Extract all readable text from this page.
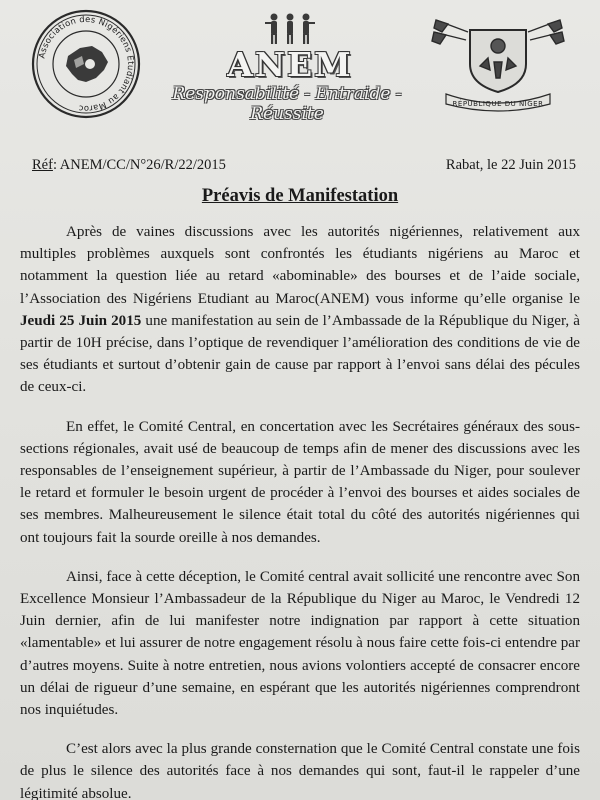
Association des Nigériens Etudiant au Maroc
ANEM
Responsabilité - Entraide - Réussite	RÉPUBLIQUE DU NIGER
Réf: ANEM/CC/N°26/R/22/2015	Rabat, le 22 Juin 2015
Préavis de Manifestation

Après de vaines discussions avec les autorités nigériennes, relativement aux multiples problèmes auxquels sont confrontés les étudiants nigériens au Maroc et notamment la question liée au retard «abominable» des bourses et de l’aide sociale, l’Association des Nigériens Etudiant au Maroc(ANEM) vous informe qu’elle organise le Jeudi 25 Juin 2015 une manifestation au sein de l’Ambassade de la République du Niger, à partir de 10H précise, dans l’optique de revendiquer l’amélioration des conditions de vie de ses étudiants et surtout d’obtenir gain de cause par rapport à l’envoi sans délai des pécules de ceux-ci.

En effet, le Comité Central, en concertation avec les Secrétaires généraux des sous-sections régionales, avait usé de beaucoup de temps afin de mener des discussions avec les responsables de l’enseignement supérieur, à partir de l’Ambassade du Niger, pour soulever le retard et formuler le besoin urgent de procéder à l’envoi des bourses et aides sociales de ses membres. Malheureusement le silence était total du côté des autorités nigériennes qui ont toujours fait la sourde oreille à nos demandes.

Ainsi, face à cette déception, le Comité central avait sollicité une rencontre avec Son Excellence Monsieur l’Ambassadeur de la République du Niger au Maroc, le Vendredi 12 Juin dernier, afin de lui manifester notre indignation par rapport à cette situation «lamentable» et lui assurer de notre engagement résolu à nous faire cette fois-ci entendre par d’autres moyens. Suite à notre entretien, nous avions volontiers accepté de consacrer encore un délai de rigueur d’une semaine, en espérant que les autorités nigériennes comprendront nos inquiétudes.

C’est alors avec la plus grande consternation que le Comité Central constate une fois de plus le silence des autorités face à nos demandes qui sont, faut-il le rappeler d’une légitimité absolue.
